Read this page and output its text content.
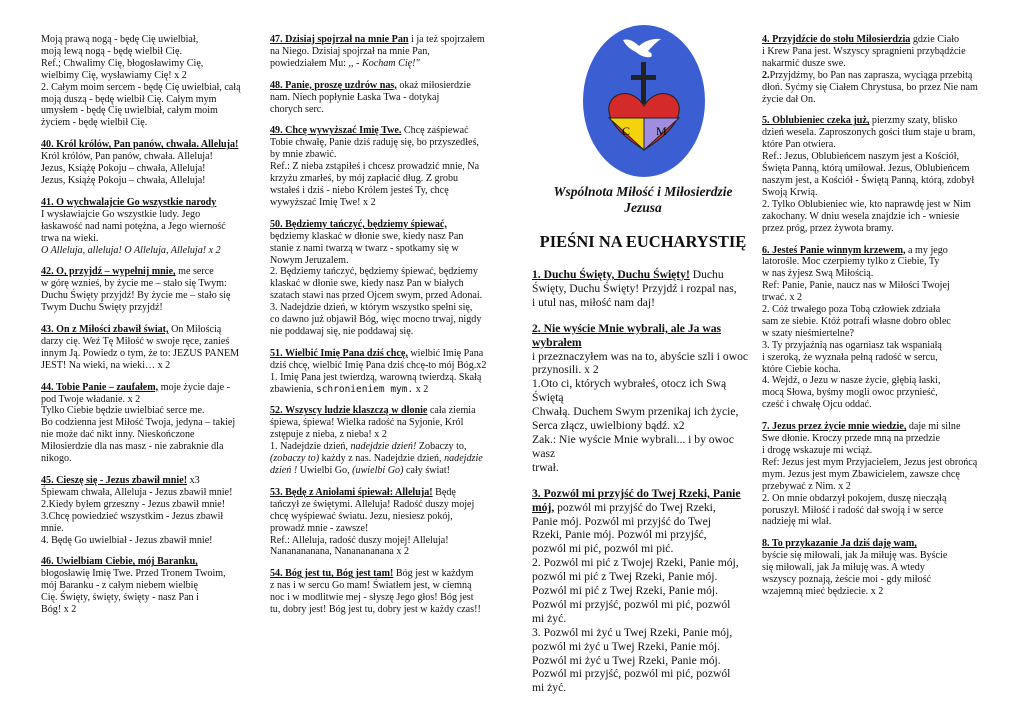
Moją prawą nogą - będę Cię uwielbiał,

moją lewą nogą - będę wielbił Cię.

Ref.; Chwalimy Cię, błogosławimy Cię,

wielbimy Cię, wysławiamy Cię! x 2

2. Całym moim sercem - będę Cię uwielbiał, całą

moją duszą - będę wielbił Cię. Całym mym

umysłem - będę Cię uwielbiał, całym moim

życiem - będę wielbił Cię.

40. Król królów, Pan panów, chwała. Alleluja!

Król królów, Pan panów, chwała. Alleluja!

Jezus, Książę Pokoju – chwała, Alleluja!

Jezus, Książę Pokoju – chwała, Alleluja!

41. O wychwalajcie Go wszystkie narody

I wysławiajcie Go wszystkie ludy. Jego

łaskawość nad nami potężna, a Jego wierność

trwa na wieki.

O Alleluja, alleluja! O Alleluja, Alleluja! x 2

42. O, przyjdź – wypełnij mnie, me serce

w górę wznieś, by życie me – stało się Twym:

Duchu Święty przyjdź! By życie me – stało się

Twym Duchu Święty przyjdź!

43. On z Miłości zbawił świat, On Miłością

darzy cię. Weź Tę Miłość w swoje ręce, zanieś

innym Ją. Powiedz o tym, że to: JEZUS PANEM

JEST! Na wieki, na wieki… x 2

44. Tobie Panie – zaufałem, moje życie daje -

pod Twoje władanie. x 2

Tylko Ciebie będzie uwielbiać serce me.

Bo codzienna jest Miłość Twoja, jedyna – takiej

nie może dać nikt inny. Nieskończone

Miłosierdzie dla nas masz - nie zabraknie dla

nikogo.

45. Cieszę się - Jezus zbawił mnie! x3

Śpiewam chwała, Alleluja - Jezus zbawił mnie!

2.Kiedy byłem grzeszny - Jezus zbawił mnie!

3.Chcę powiedzieć wszystkim - Jezus zbawił

mnie.

4. Będę Go uwielbiał - Jezus zbawił mnie!

46. Uwielbiam Ciebie, mój Baranku,

błogosławię Imię Twe. Przed Tronem Twoim,

mój Baranku - z całym niebem wielbię

Cię. Święty, święty, święty - nasz Pan i

Bóg! x 2

47. Dzisiaj spojrzał na mnie Pan i ja też spojrzałem

na Niego. Dzisiaj spojrzał na mnie Pan,

powiedziałem Mu: ,, - Kocham Cię!"

48. Panie, proszę uzdrów nas, okaż miłosierdzie

nam. Niech popłynie Łaska Twa - dotykaj

chorych serc.

49. Chcę wywyższać Imię Twe. Chcę zaśpiewać

Tobie chwałę, Panie dziś raduję się, bo przyszedłeś,

by mnie zbawić.

Ref.: Z nieba zstąpiłeś i chcesz prowadzić mnie, Na

krzyżu zmarłeś, by mój zapłacić dług. Z grobu

wstałeś i dziś - niebo Królem jesteś Ty, chcę

wywyższać Imię Twe! x 2

50. Będziemy tańczyć, będziemy śpiewać,

będziemy klaskać w dłonie swe, kiedy nasz Pan

stanie z nami twarzą w twarz - spotkamy się w

Nowym Jeruzalem.

2. Będziemy tańczyć, będziemy śpiewać, będziemy

klaskać w dłonie swe, kiedy nasz Pan w białych

szatach stawi nas przed Ojcem swym, przed Adonai.

3. Nadejdzie dzień, w którym wszystko spełni się,

co dawno już objawił Bóg, więc mocno trwaj, nigdy

nie poddawaj się, nie poddawaj się.

51. Wielbić Imię Pana dziś chcę, wielbić Imię Pana

dziś chcę, wielbić Imię Pana dziś chcę-to mój Bóg.x2

1. Imię Pana jest twierdzą, warowną twierdzą. Skałą

zbawienia, schronieniem mym. x 2

52. Wszyscy ludzie klaszczą w dłonie cała ziemia

śpiewa, śpiewa! Wielka radość na Syjonie, Król

zstępuje z nieba, z nieba! x 2

1. Nadejdzie dzień, nadejdzie dzień! Zobaczy to,

(zobaczy to) każdy z nas. Nadejdzie dzień, nadejdzie

dzień ! Uwielbi Go, (uwielbi Go) cały świat!

53. Będę z Aniołami śpiewał: Alleluja! Będę

tańczył ze świętymi. Alleluja! Radość duszy mojej

chcę wyśpiewać światu. Jezu, niesiesz pokój,

prowadź mnie - zawsze!

Ref.: Alleluja, radość duszy mojej! Alleluja!

Nananananana, Nananananana x 2

54. Bóg jest tu, Bóg jest tam! Bóg jest w każdym

z nas i w sercu Go mam! Światłem jest, w ciemną

noc i w modlitwie mej - słyszę Jego głos! Bóg jest

tu, dobry jest! Bóg jest tu, dobry jest w każdy czas!!

C M
Wspólnota Miłość i Miłosierdzie
Jezusa
PIEŚNI NA EUCHARYSTIĘ

1. Duchu Święty, Duchu Święty! Duchu

Święty, Duchu Święty! Przyjdź i rozpal nas,

i utul nas, miłość nam daj!

2. Nie wyście Mnie wybrali, ale Ja was wybrałem

i przeznaczyłem was na to, abyście szli i owoc

przynosili. x 2

1.Oto ci, których wybrałeś, otocz ich Swą Świętą

Chwałą. Duchem Swym przenikaj ich życie,

Serca złącz, uwielbiony bądź. x2

Zak.: Nie wyście Mnie wybrali... i by owoc wasz

trwał.

3. Pozwól mi przyjść do Twej Rzeki, Panie mój, pozwól mi przyjść do Twej Rzeki,

Panie mój. Pozwól mi przyjść do Twej

Rzeki, Panie mój. Pozwól mi przyjść,

pozwól mi pić, pozwól mi pić.

2. Pozwól mi pić z Twojej Rzeki, Panie mój,

pozwól mi pić z Twej Rzeki, Panie mój.

Pozwól mi pić z Twej Rzeki, Panie mój.

Pozwól mi przyjść, pozwól mi pić, pozwól

mi żyć.

3. Pozwól mi żyć u Twej Rzeki, Panie mój,

pozwól mi żyć u Twej Rzeki, Panie mój.

Pozwól mi żyć u Twej Rzeki, Panie mój.

Pozwól mi przyjść, pozwól mi pić, pozwól

mi żyć.

4. Przyjdźcie do stołu Miłosierdzia gdzie Ciało

i Krew Pana jest. Wszyscy spragnieni przybądźcie

nakarmić dusze swe.

2.Przyjdźmy, bo Pan nas zaprasza, wyciąga przebitą

dłoń. Syćmy się Ciałem Chrystusa, bo przez Nie nam

życie dał On.

5. Oblubieniec czeka już, pierzmy szaty, blisko

dzień wesela. Zaproszonych gości tłum staje u bram,

które Pan otwiera.

Ref.: Jezus, Oblubieńcem naszym jest a Kościół,

Święta Panną, którą umiłował. Jezus, Oblubieńcem

naszym jest, a Kościół - Świętą Panną, którą, zdobył

Swoją Krwią.

2. Tylko Oblubieniec wie, kto naprawdę jest w Nim

zakochany. W dniu wesela znajdzie ich - wniesie

przez próg, przez żywota bramy.

6. Jesteś Panie winnym krzewem, a my jego

latorośle. Moc czerpiemy tylko z Ciebie, Ty

w nas żyjesz Swą Miłością.

Ref: Panie, Panie, naucz nas w Miłości Twojej

trwać. x 2

2. Cóż trwałego poza Tobą człowiek zdziała

sam ze siebie. Któż potrafi własne dobro oblec

w szaty nieśmiertelne?

3. Ty przyjaźnią nas ogarniasz tak wspaniałą

i szeroką, że wyznała pełną radość w sercu,

które Ciebie kocha.

4. Wejdź, o Jezu w nasze życie, głębią łaski,

mocą Słowa, byśmy mogli owoc przynieść,

cześć i chwałę Ojcu oddać.

7. Jezus przez życie mnie wiedzie, daje mi silne

Swe dłonie. Kroczy przede mną na przedzie

i drogę wskazuje mi wciąż.

Ref: Jezus jest mym Przyjacielem, Jezus jest obrońcą

mym. Jezus jest mym Zbawicielem, zawsze chcę

przebywać z Nim. x 2

2. On mnie obdarzył pokojem, duszę niecząłą

poruszył. Miłość i radość dał swoją i w serce

nadzieję mi wlał.

8. To przykazanie Ja dziś daję wam,

byście się miłowali, jak Ja miłuję was. Byście

się miłowali, jak Ja miłuję was. A wtedy

wszyscy poznają, żeście moi - gdy miłość

wzajemną mieć będziecie. x 2
